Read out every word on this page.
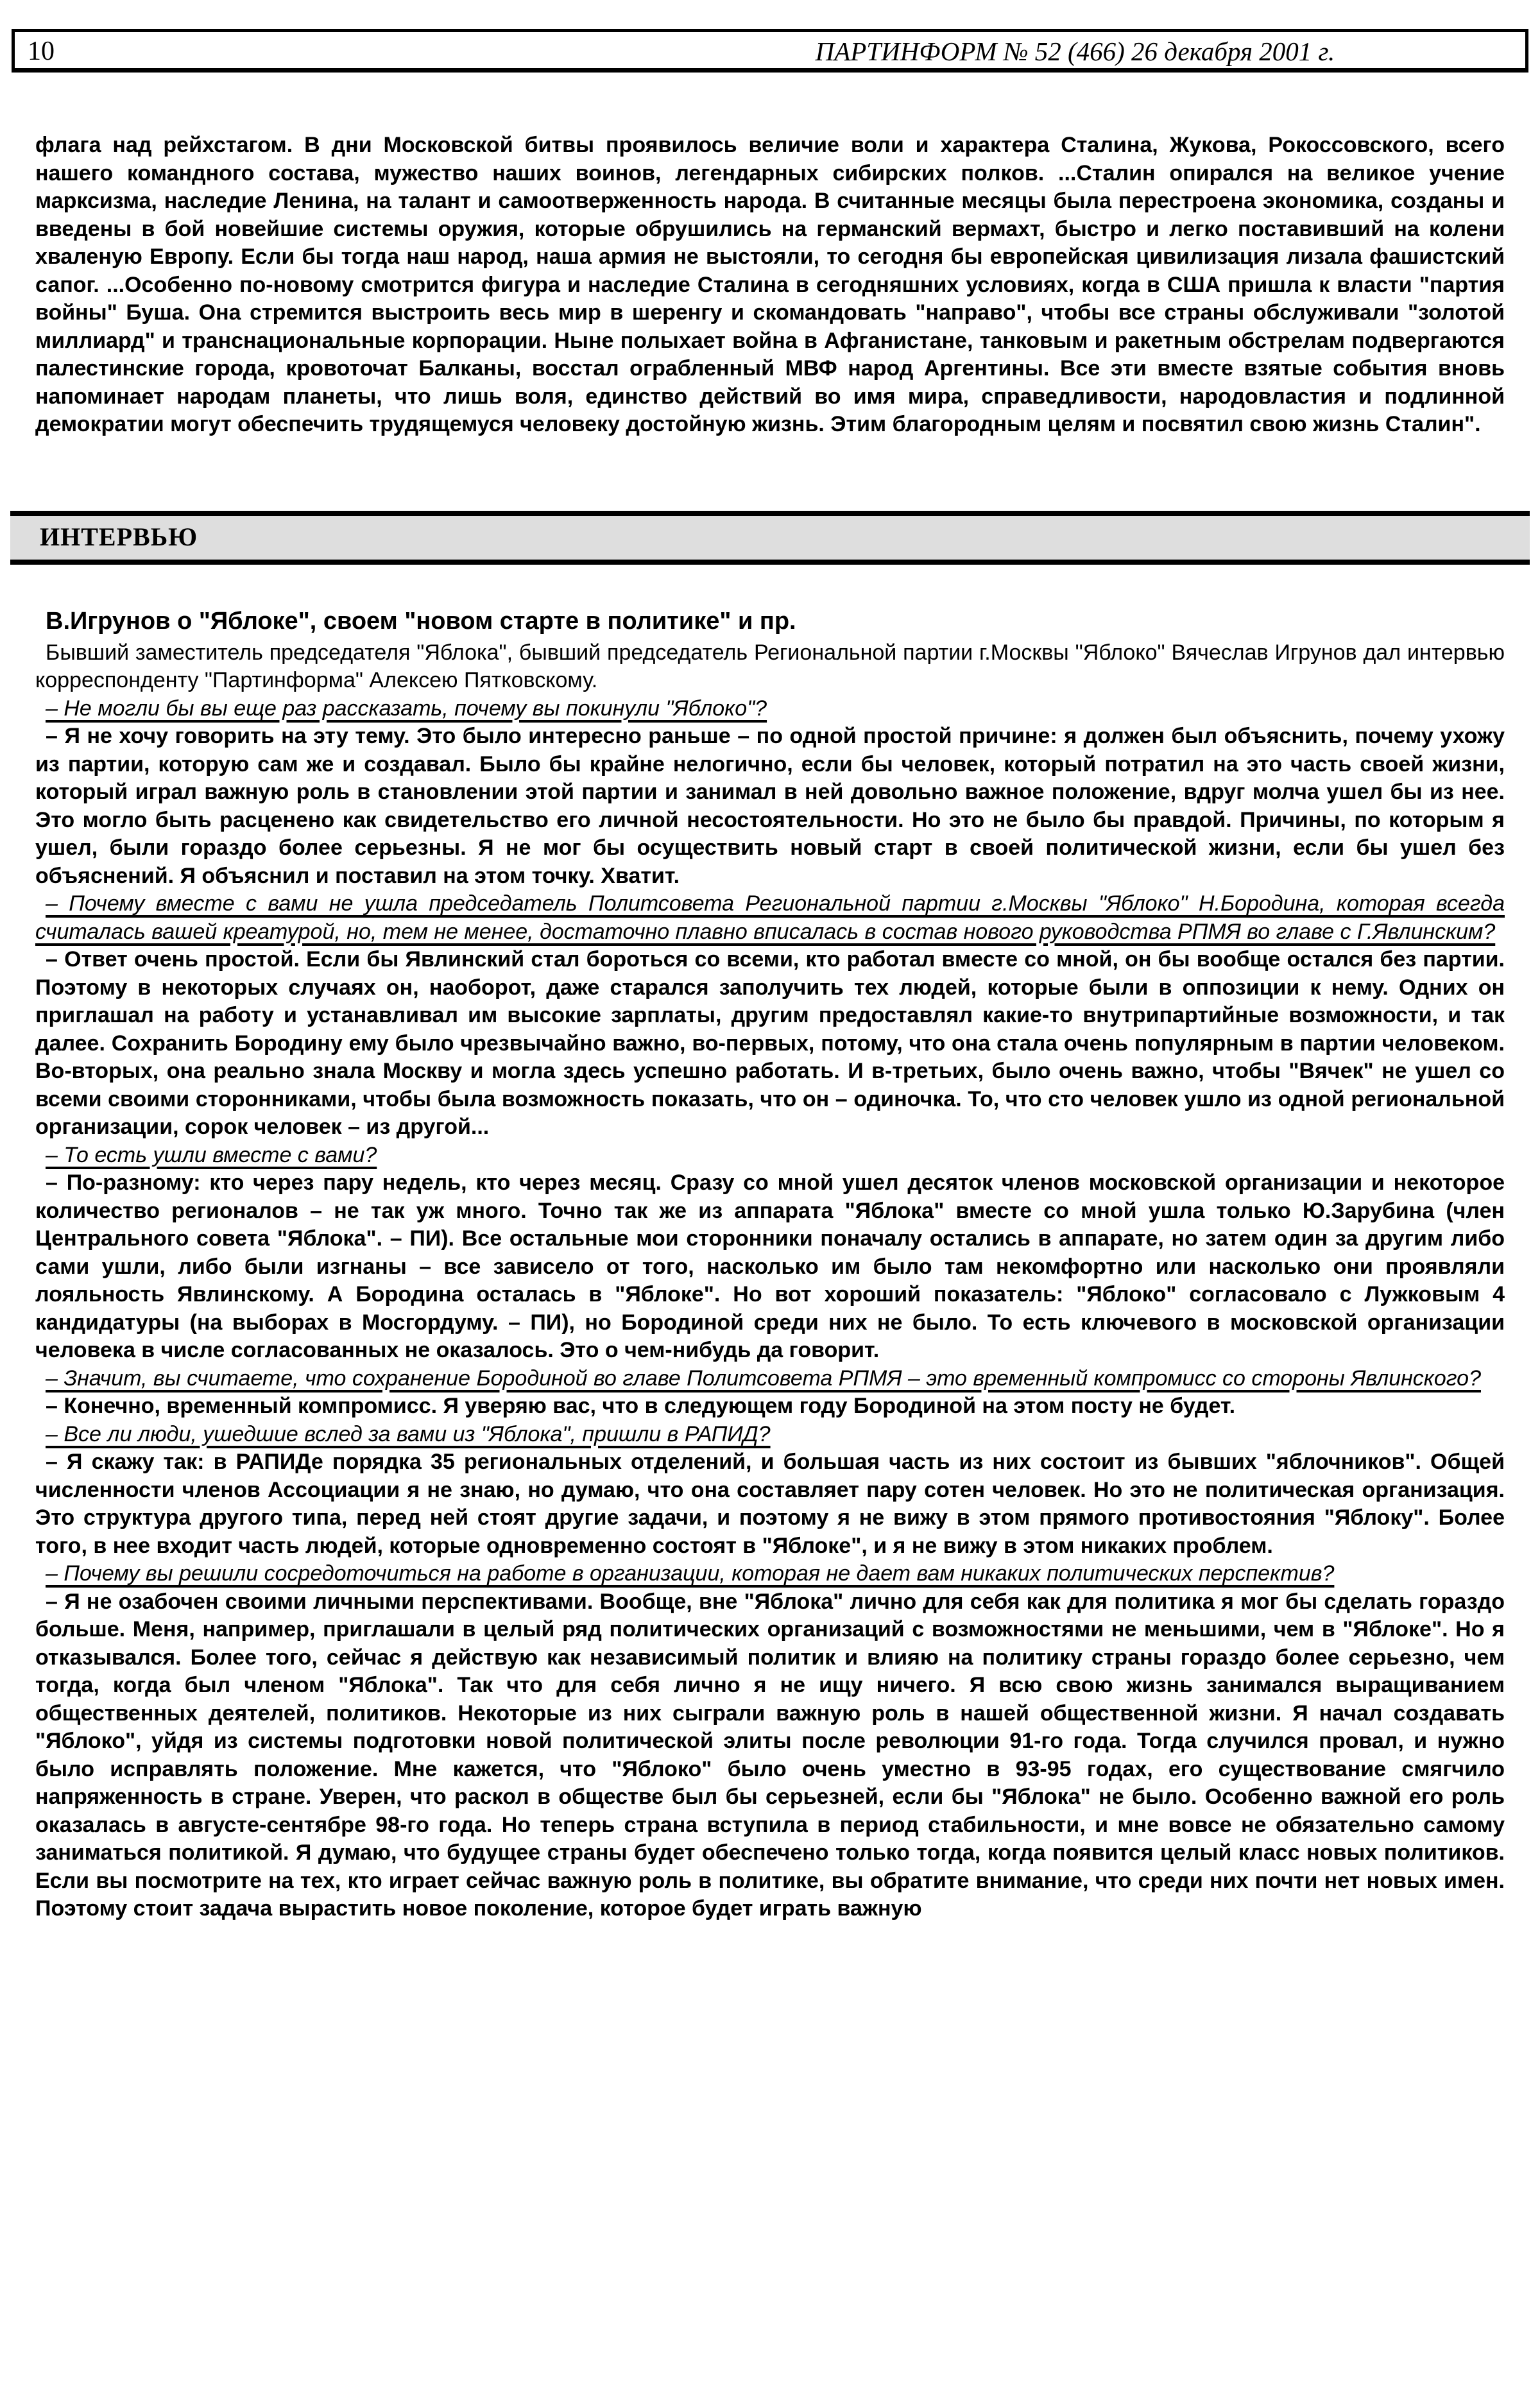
10	ПАРТИНФОРМ № 52 (466) 26 декабря 2001 г.

флага над рейхстагом. В дни Московской битвы проявилось величие воли и характера Сталина, Жукова, Рокоссовского, всего нашего командного состава, мужество наших воинов, легендарных сибирских полков. ...Сталин опирался на великое учение марксизма, наследие Ленина, на талант и самоотверженность народа. В считанные месяцы была перестроена экономика, созданы и введены в бой новейшие системы оружия, которые обрушились на германский вермахт, быстро и легко поставивший на колени хваленую Европу. Если бы тогда наш народ, наша армия не выстояли, то сегодня бы европейская цивилизация лизала фашистский сапог. ...Особенно по-новому смотрится фигура и наследие Сталина в сегодняшних условиях, когда в США пришла к власти "партия войны" Буша. Она стремится выстроить весь мир в шеренгу и скомандовать "направо", чтобы все страны обслуживали "золотой миллиард" и транснациональные корпорации. Ныне полыхает война в Афганистане, танковым и ракетным обстрелам подвергаются палестинские города, кровоточат Балканы, восстал ограбленный МВФ народ Аргентины. Все эти вместе взятые события вновь напоминает народам планеты, что лишь воля, единство действий во имя мира, справедливости, народовластия и подлинной демократии могут обеспечить трудящемуся человеку достойную жизнь. Этим благородным целям и посвятил свою жизнь Сталин".

ИНТЕРВЬЮ
В.Игрунов о "Яблоке", своем "новом старте в политике" и пр.

Бывший заместитель председателя "Яблока", бывший председатель Региональной партии г.Москвы "Яблоко" Вячеслав Игрунов дал интервью корреспонденту "Партинформа" Алексею Пятковскому.

– Не могли бы вы еще раз рассказать, почему вы покинули "Яблоко"?

– Я не хочу говорить на эту тему. Это было интересно раньше – по одной простой причине: я должен был объяснить, почему ухожу из партии, которую сам же и создавал. Было бы крайне нелогично, если бы человек, который потратил на это часть своей жизни, который играл важную роль в становлении этой партии и занимал в ней довольно важное положение, вдруг молча ушел бы из нее. Это могло быть расценено как свидетельство его личной несостоятельности. Но это не было бы правдой. Причины, по которым я ушел, были гораздо более серьезны. Я не мог бы осуществить новый старт в своей политической жизни, если бы ушел без объяснений. Я объяснил и поставил на этом точку. Хватит.

– Почему вместе с вами не ушла председатель Политсовета Региональной партии г.Москвы "Яблоко" Н.Бородина, которая всегда считалась вашей креатурой, но, тем не менее, достаточно плавно вписалась в состав нового руководства РПМЯ во главе с Г.Явлинским?

– Ответ очень простой. Если бы Явлинский стал бороться со всеми, кто работал вместе со мной, он бы вообще остался без партии. Поэтому в некоторых случаях он, наоборот, даже старался заполучить тех людей, которые были в оппозиции к нему. Одних он приглашал на работу и устанавливал им высокие зарплаты, другим предоставлял какие-то внутрипартийные возможности, и так далее. Сохранить Бородину ему было чрезвычайно важно, во-первых, потому, что она стала очень популярным в партии человеком. Во-вторых, она реально знала Москву и могла здесь успешно работать. И в-третьих, было очень важно, чтобы "Вячек" не ушел со всеми своими сторонниками, чтобы была возможность показать, что он – одиночка. То, что сто человек ушло из одной региональной организации, сорок человек – из другой...

– То есть ушли вместе с вами?

– По-разному: кто через пару недель, кто через месяц. Сразу со мной ушел десяток членов московской организации и некоторое количество регионалов – не так уж много. Точно так же из аппарата "Яблока" вместе со мной ушла только Ю.Зарубина (член Центрального совета "Яблока". – ПИ). Все остальные мои сторонники поначалу остались в аппарате, но затем один за другим либо сами ушли, либо были изгнаны – все зависело от того, насколько им было там некомфортно или насколько они проявляли лояльность Явлинскому. А Бородина осталась в "Яблоке". Но вот хороший показатель: "Яблоко" согласовало с Лужковым 4 кандидатуры (на выборах в Мосгордуму. – ПИ), но Бородиной среди них не было. То есть ключевого в московской организации человека в числе согласованных не оказалось. Это о чем-нибудь да говорит.

– Значит, вы считаете, что сохранение Бородиной во главе Политсовета РПМЯ – это временный компромисс со стороны Явлинского?

– Конечно, временный компромисс. Я уверяю вас, что в следующем году Бородиной на этом посту не будет.

– Все ли люди, ушедшие вслед за вами из "Яблока", пришли в РАПИД?

– Я скажу так: в РАПИДе порядка 35 региональных отделений, и большая часть из них состоит из бывших "яблочников". Общей численности членов Ассоциации я не знаю, но думаю, что она составляет пару сотен человек. Но это не политическая организация. Это структура другого типа, перед ней стоят другие задачи, и поэтому я не вижу в этом прямого противостояния "Яблоку". Более того, в нее входит часть людей, которые одновременно состоят в "Яблоке", и я не вижу в этом никаких проблем.

– Почему вы решили сосредоточиться на работе в организации, которая не дает вам никаких политических перспектив?

– Я не озабочен своими личными перспективами. Вообще, вне "Яблока" лично для себя как для политика я мог бы сделать гораздо больше. Меня, например, приглашали в целый ряд политических организаций с возможностями не меньшими, чем в "Яблоке". Но я отказывался. Более того, сейчас я действую как независимый политик и влияю на политику страны гораздо более серьезно, чем тогда, когда был членом "Яблока". Так что для себя лично я не ищу ничего. Я всю свою жизнь занимался выращиванием общественных деятелей, политиков. Некоторые из них сыграли важную роль в нашей общественной жизни. Я начал создавать "Яблоко", уйдя из системы подготовки новой политической элиты после революции 91-го года. Тогда случился провал, и нужно было исправлять положение. Мне кажется, что "Яблоко" было очень уместно в 93-95 годах, его существование смягчило напряженность в стране. Уверен, что раскол в обществе был бы серьезней, если бы "Яблока" не было. Особенно важной его роль оказалась в августе-сентябре 98-го года. Но теперь страна вступила в период стабильности, и мне вовсе не обязательно самому заниматься политикой. Я думаю, что будущее страны будет обеспечено только тогда, когда появится целый класс новых политиков. Если вы посмотрите на тех, кто играет сейчас важную роль в политике, вы обратите внимание, что среди них почти нет новых имен. Поэтому стоит задача вырастить новое поколение, которое будет играть важную
